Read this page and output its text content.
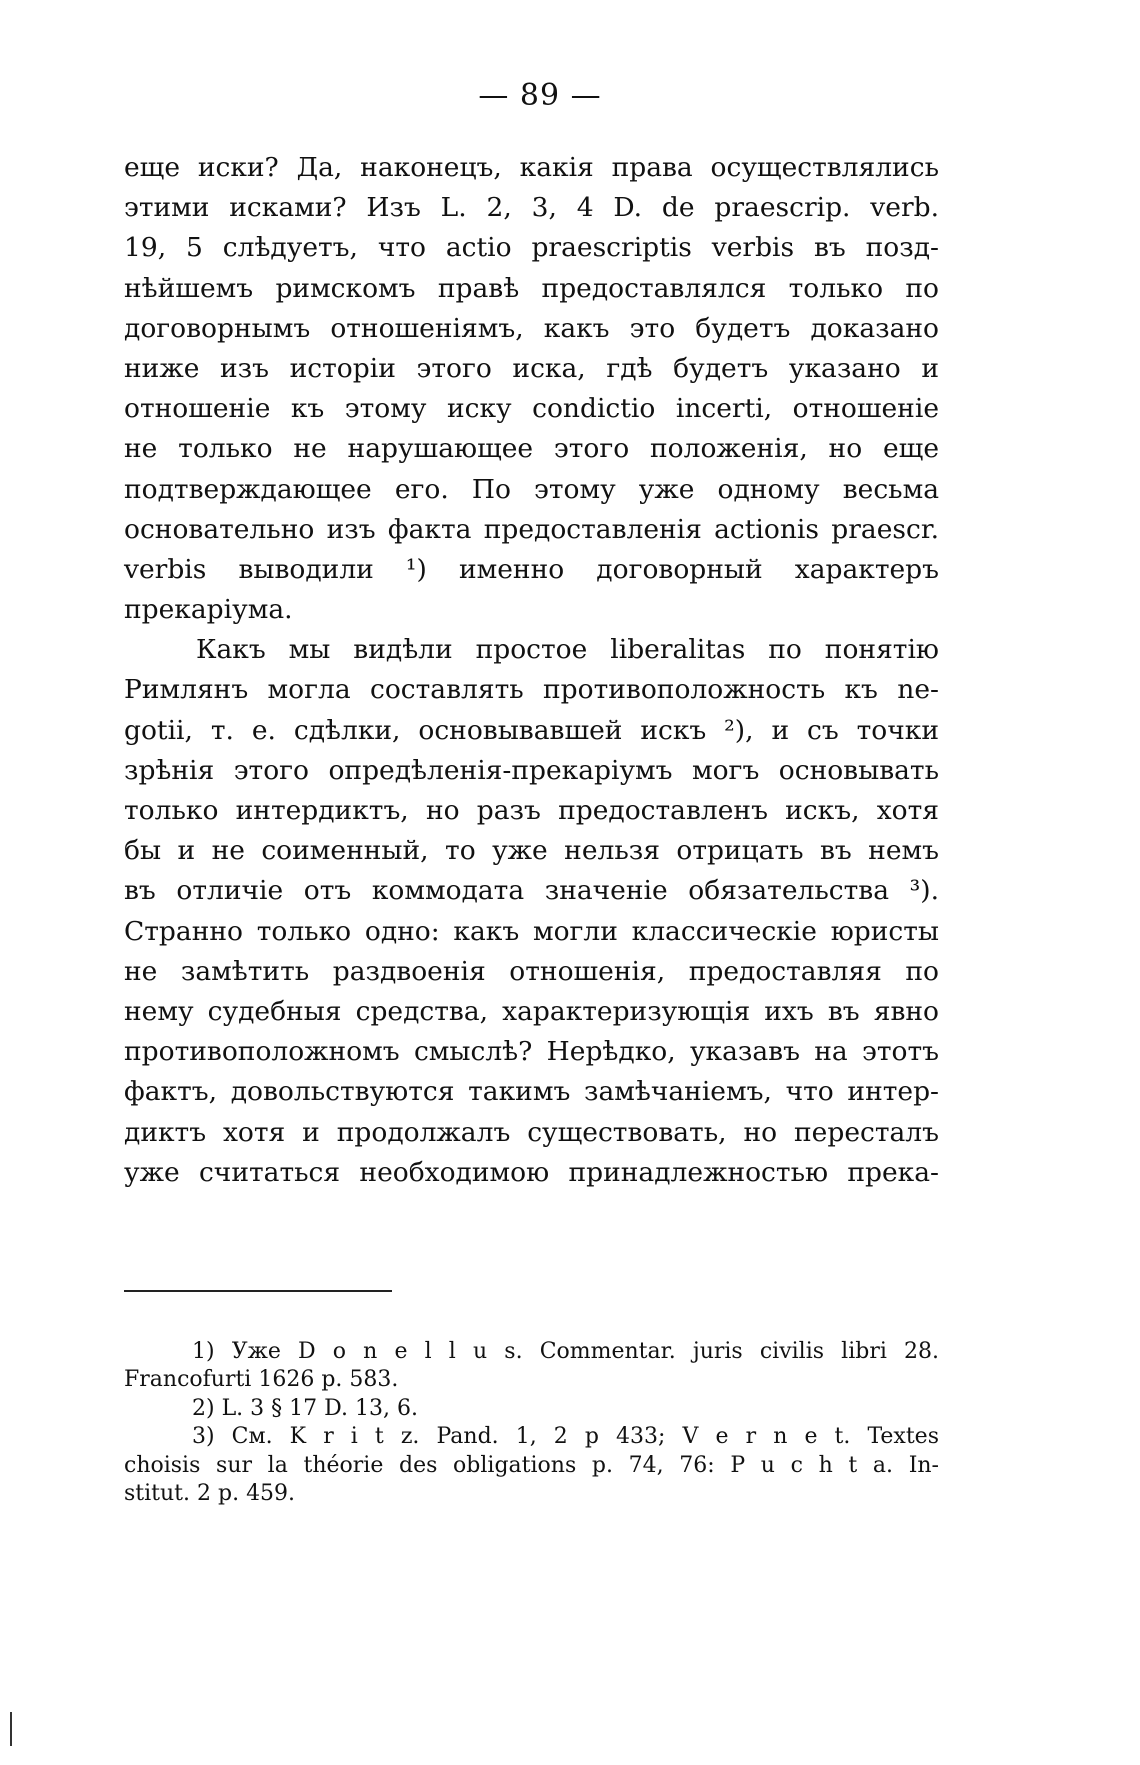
— 89 —
еще иски? Да, наконецъ, какія права осуществлялись
этими исками? Изъ L. 2, 3, 4 D. de praescrip. verb.
19, 5 слѣдуетъ, что actio praescriptis verbis въ позд-
нѣйшемъ римскомъ правѣ предоставлялся только по
договорнымъ отношеніямъ, какъ это будетъ доказано
ниже изъ исторіи этого иска, гдѣ будетъ указано и
отношеніе къ этому иску condictio incerti, отношеніе
не только не нарушающее этого положенія, но еще
подтверждающее его. По этому уже одному весьма
основательно изъ факта предоставленія actionis praescr.
verbis выводили ¹) именно договорный характеръ
прекаріума.
Какъ мы видѣли простое liberalitas по понятію
Римлянъ могла составлять противоположность къ ne-
gotii, т. е. сдѣлки, основывавшей искъ ²), и съ точки
зрѣнія этого опредѣленія-прекаріумъ могъ основывать
только интердиктъ, но разъ предоставленъ искъ, хотя
бы и не соименный, то уже нельзя отрицать въ немъ
въ отличіе отъ коммодата значеніе обязательства ³).
Странно только одно: какъ могли классическіе юристы
не замѣтить раздвоенія отношенія, предоставляя по
нему судебныя средства, характеризующія ихъ въ явно
противоположномъ смыслѣ? Нерѣдко, указавъ на этотъ
фактъ, довольствуются такимъ замѣчаніемъ, что интер-
диктъ хотя и продолжалъ существовать, но пересталъ
уже считаться необходимою принадлежностью прека-
1) Уже D o n e l l u s. Commentar. juris civilis libri 28.
Francofurti 1626 p. 583.
2) L. 3 § 17 D. 13, 6.
3) См. K r i t z. Pand. 1, 2 p 433; V e r n e t. Textes
choisis sur la théorie des obligations p. 74, 76: P u c h t a. In-
stitut. 2 p. 459.
